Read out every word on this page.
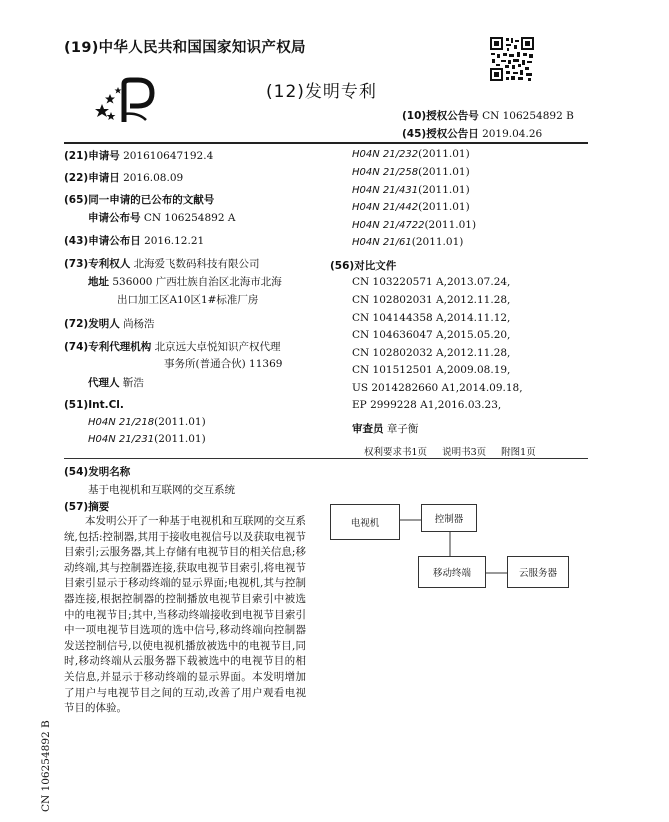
(19)中华人民共和国国家知识产权局
(12)发明专利
(10)授权公告号 CN 106254892 B
(45)授权公告日 2019.04.26
(21)申请号 201610647192.4
(22)申请日 2016.08.09
(65)同一申请的已公布的文献号
申请公布号 CN 106254892 A
(43)申请公布日 2016.12.21
(73)专利权人 北海爱飞数码科技有限公司
地址 536000 广西壮族自治区北海市北海
出口加工区A10区1#标准厂房
(72)发明人 尚杨浩
(74)专利代理机构 北京远大卓悦知识产权代理
事务所(普通合伙) 11369
代理人 靳浩
(51)Int.Cl.
H04N 21/218(2011.01)
H04N 21/231(2011.01)
H04N 21/232(2011.01)
H04N 21/258(2011.01)
H04N 21/431(2011.01)
H04N 21/442(2011.01)
H04N 21/4722(2011.01)
H04N 21/61(2011.01)
(56)对比文件
CN 103220571 A,2013.07.24,
CN 102802031 A,2012.11.28,
CN 104144358 A,2014.11.12,
CN 104636047 A,2015.05.20,
CN 102802032 A,2012.11.28,
CN 101512501 A,2009.08.19,
US 2014282660 A1,2014.09.18,
EP 2999228 A1,2016.03.23,
审查员 章子衡
权利要求书1页 说明书3页 附图1页
(54)发明名称
基于电视机和互联网的交互系统
(57)摘要
本发明公开了一种基于电视机和互联网的交互系统,包括:控制器,其用于接收电视信号以及获取电视节目索引;云服务器,其上存储有电视节目的相关信息;移动终端,其与控制器连接,获取电视节目索引,将电视节目索引显示于移动终端的显示界面;电视机,其与控制器连接,根据控制器的控制播放电视节目索引中被选中的电视节目;其中,当移动终端接收到电视节目索引中一项电视节目选项的选中信号,移动终端向控制器发送控制信号,以使电视机播放被选中的电视节目,同时,移动终端从云服务器下载被选中的电视节目的相关信息,并显示于移动终端的显示界面。本发明增加了用户与电视节目之间的互动,改善了用户观看电视节目的体验。
电视机	控制器
移动终端	云服务器
CN 106254892 B
